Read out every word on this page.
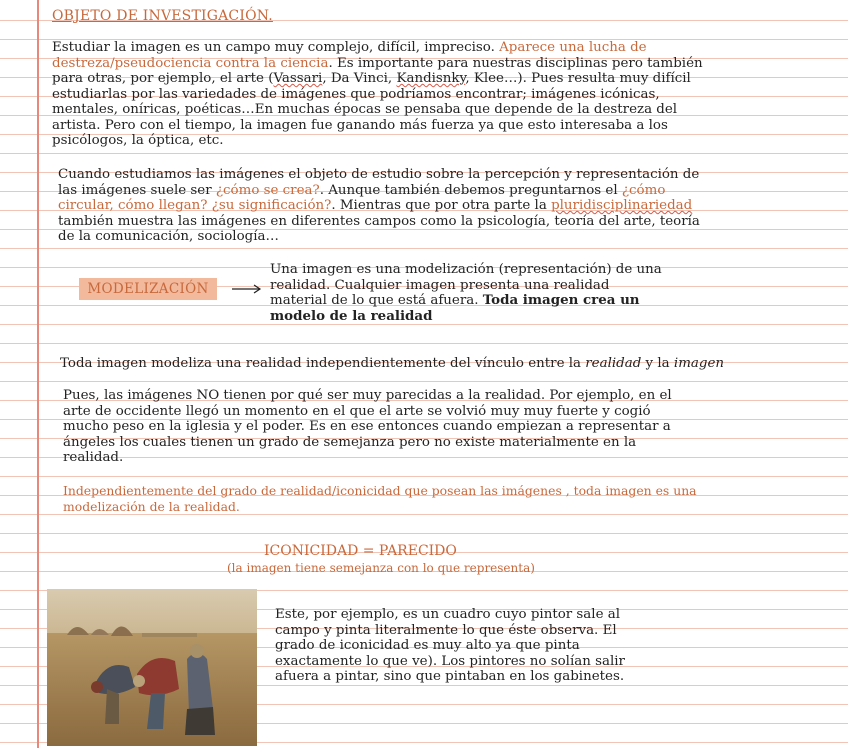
OBJETO DE INVESTIGACIÓN.
Estudiar la imagen es un campo muy complejo, difícil, impreciso. Aparece una lucha de destreza/pseudociencia contra la ciencia. Es importante para nuestras disciplinas pero también para otras, por ejemplo, el arte (Vassari, Da Vinci, Kandisnky, Klee…). Pues resulta muy difícil estudiarlas por las variedades de imágenes que podríamos encontrar; imágenes icónicas, mentales, oníricas, poéticas…En muchas épocas se pensaba que depende de la destreza del artista. Pero con el tiempo, la imagen fue ganando más fuerza ya que esto interesaba a los psicólogos, la óptica, etc.
Cuando estudiamos las imágenes el objeto de estudio sobre la percepción y representación de las imágenes suele ser ¿cómo se crea?. Aunque también debemos preguntarnos el ¿cómo circular, cómo llegan? ¿su significación?. Mientras que por otra parte la pluridisciplinariedad también muestra las imágenes en diferentes campos como la psicología, teoría del arte, teoría de la comunicación, sociología…
MODELIZACIÓN
Una imagen es una modelización (representación) de una realidad. Cualquier imagen presenta una realidad material de lo que está afuera. Toda imagen crea un modelo de la realidad
Toda imagen modeliza una realidad independientemente del vínculo entre la realidad y la imagen
Pues, las imágenes NO tienen por qué ser muy parecidas a la realidad. Por ejemplo, en el arte de occidente llegó un momento en el que el arte se volvió muy muy fuerte y cogió mucho peso en la iglesia y el poder. Es en ese entonces cuando empiezan a representar a ángeles los cuales tienen un grado de semejanza pero no existe materialmente en la realidad.
Independientemente del grado de realidad/iconicidad que posean las imágenes , toda imagen es una modelización de la realidad.
ICONICIDAD = PARECIDO
(la imagen tiene semejanza con lo que representa)
Este, por ejemplo, es un cuadro cuyo pintor sale al campo y pinta literalmente lo que éste observa. El grado de iconicidad es muy alto ya que pinta exactamente lo que ve). Los pintores no solían salir afuera a pintar, sino que pintaban en los gabinetes.
